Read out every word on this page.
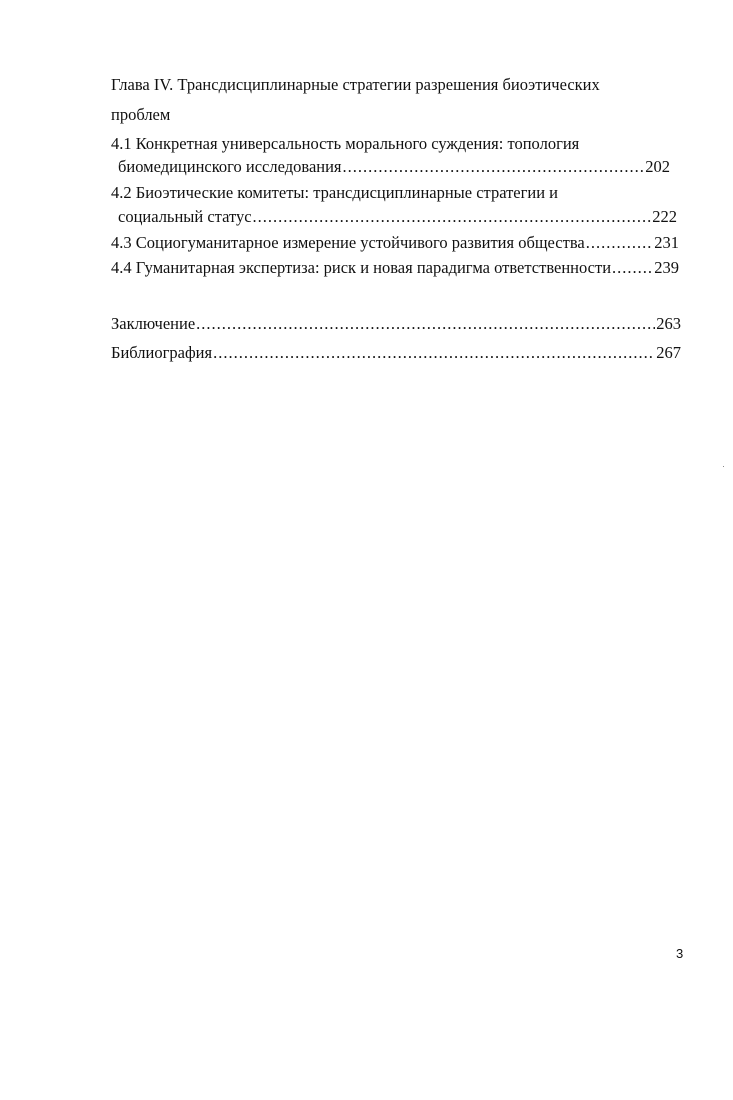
Глава IV. Трансдисциплинарные стратегии разрешения биоэтических
проблем
4.1 Конкретная универсальность морального суждения: топология
биомедицинского исследования .....	202
4.2 Биоэтические комитеты: трансдисциплинарные стратегии и
социальный статус .....	222
4.3 Социогуманитарное измерение устойчивого развития общества .....	231
4.4 Гуманитарная экспертиза: риск и новая парадигма ответственности .....	239
Заключение .....	263
Библиография .....	267
3
